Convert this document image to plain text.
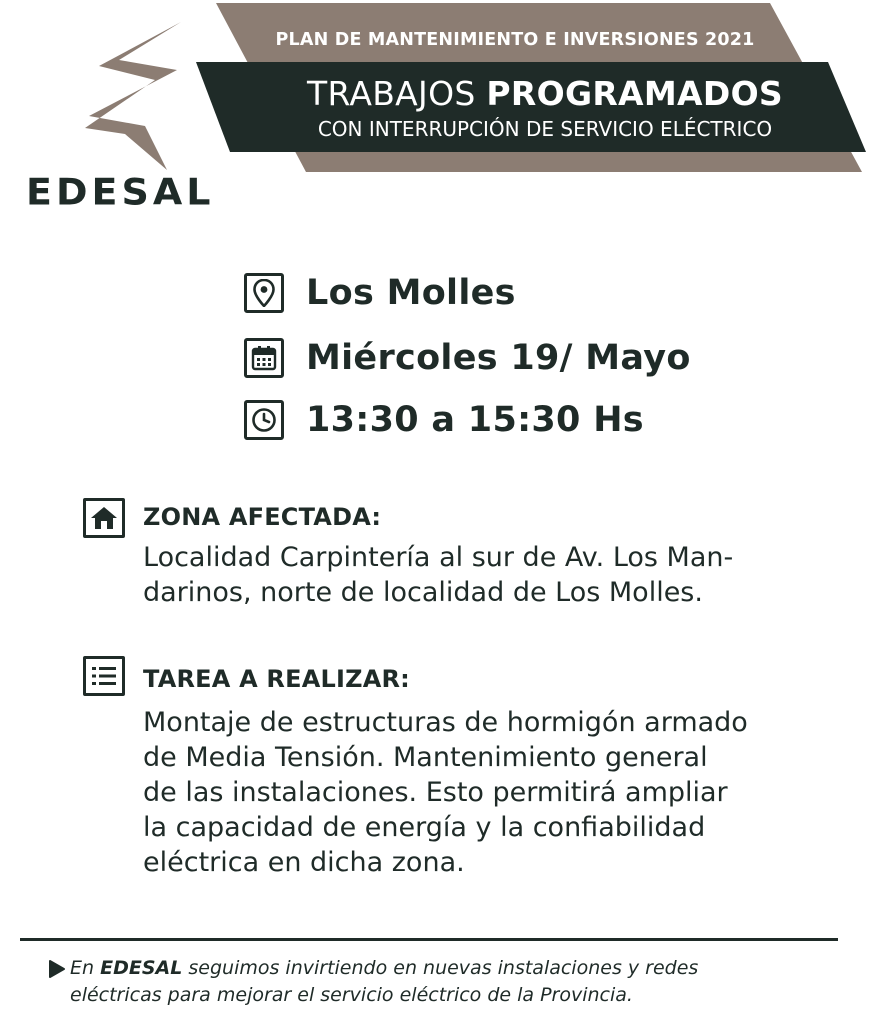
PLAN DE MANTENIMIENTO E INVERSIONES 2021
TRABAJOS PROGRAMADOS
CON INTERRUPCIÓN DE SERVICIO ELÉCTRICO
EDESAL
Los Molles
Miércoles 19/ Mayo
13:30 a 15:30 Hs
ZONA AFECTADA:
Localidad Carpintería al sur de Av. Los Man-
darinos, norte de localidad de Los Molles.
TAREA A REALIZAR:
Montaje de estructuras de hormigón armado
de Media Tensión. Mantenimiento general
de las instalaciones. Esto permitirá ampliar
la capacidad de energía y la confiabilidad
eléctrica en dicha zona.
En EDESAL seguimos invirtiendo en nuevas instalaciones y redes
eléctricas para mejorar el servicio eléctrico de la Provincia.
